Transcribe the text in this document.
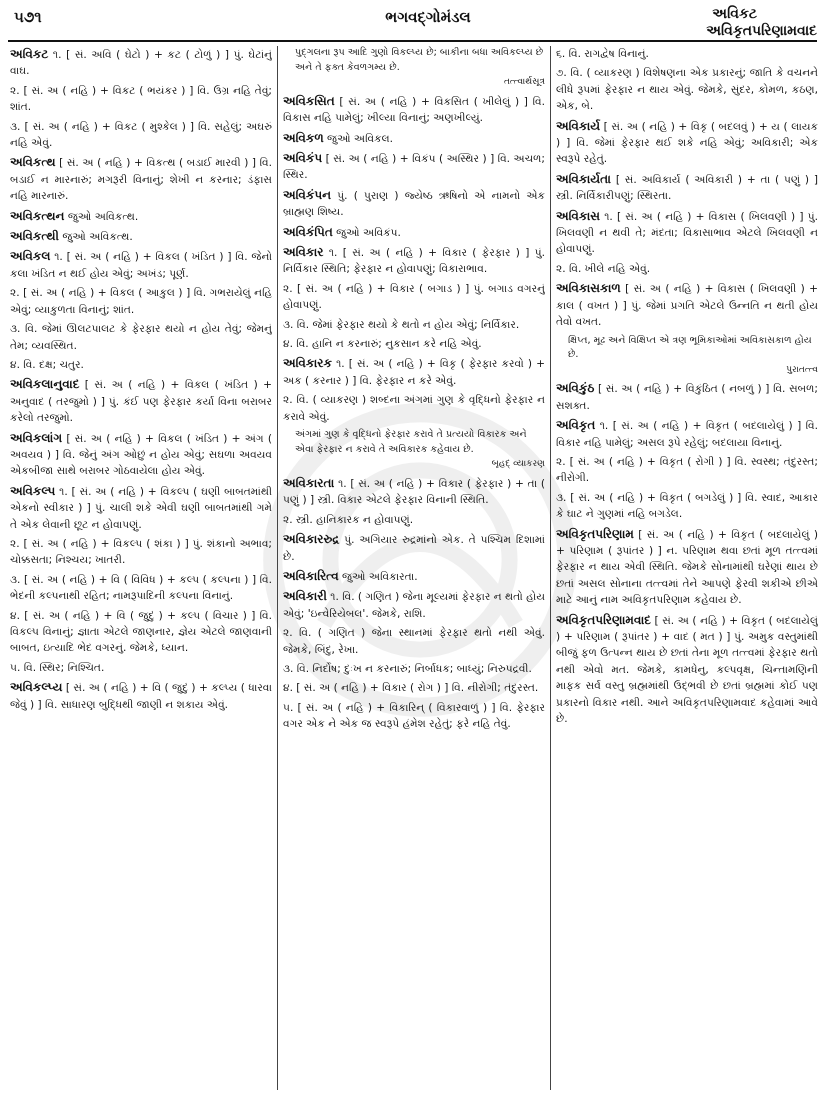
૫૭૧	ભગવદ્‌ગોમંડલ	અવિકટ
અવિકૃતપરિણામવાદ
અવિકટ ૧. [ સં. અવિ ( ઘેટો ) + કટ ( ટોળું ) ] પું. ઘેટાંનું વાઘ.
૨. [ સં. અ ( નહિ ) + વિકટ ( ભયંકર ) ] વિ. ઉગ્ર નહિ તેવું; શાંત.
૩. [ સં. અ ( નહિ ) + વિકટ ( મુશ્કેલ ) ] વિ. સહેલું; અઘરું નહિ એવું.
અવિકત્થ [ સં. અ ( નહિ ) + વિકત્થ ( બડાઈ મારવી ) ] વિ. બડાઈ ન મારનારું; મગરૂરી વિનાનું; શેખી ન કરનાર; ડંફાસ નહિ મારનારું.
અવિકત્થન જુઓ અવિકત્થ.
અવિકત્થી જુઓ અવિકત્થ.
અવિકલ ૧. [ સં. અ ( નહિ ) + વિકલ ( ખંડિત ) ] વિ. જેનો કલા ખંડિત ન થઈ હોય એવું; અખંડ; પૂર્ણ.
૨. [ સં. અ ( નહિ ) + વિકલ ( આકુલ ) ] વિ. ગભરાયેલું નહિ એવું; વ્યાકુળતા વિનાનું; શાંત.
૩. વિ. જેમાં ઊલટપાલટ કે ફેરફાર થયો ન હોય તેવું; જેમનું તેમ; વ્યવસ્થિત.
૪. વિ. દક્ષ; ચતુર.
અવિકલાનુવાદ [ સં. અ ( નહિ ) + વિકલ ( ખંડિત ) + અનુવાદ ( તરજુમો ) ] પું. કંઈ પણ ફેરફાર કર્યા વિના બરાબર કરેલો તરજુમો.
અવિકલાંગ [ સં. અ ( નહિ ) + વિકલ ( ખંડિત ) + અંગ ( અવયવ ) ] વિ. જેનું અંગ ઓછું ન હોય એવું; સઘળા અવયવ એકબીજા સાથે બરાબર ગોઠવાયેલા હોય એવું.
અવિકલ્પ ૧. [ સં. અ ( નહિ ) + વિકલ્પ ( ઘણી બાબતમાંથી એકનો સ્વીકાર ) ] પું. ચાલી શકે એવી ઘણી બાબતમાંથી ગમે તે એક લેવાની છૂટ ન હોવાપણું.
૨. [ સં. અ ( નહિ ) + વિકલ્પ ( શંકા ) ] પું. શંકાનો અભાવ; ચોક્કસતા; નિશ્ચય; ખાતરી.
૩. [ સં. અ ( નહિ ) + વિ ( વિવિધ ) + કલ્પ ( કલ્પના ) ] વિ. ભેદની કલ્પનાથી રહિત; નામરૂપાદિની કલ્પના વિનાનું.
૪. [ સં. અ ( નહિ ) + વિ ( જુદું ) + કલ્પ ( વિચાર ) ] વિ. વિકલ્પ વિનાનું; જ્ઞાતા એટલે જાણનાર, જ્ઞેય એટલે જાણવાની બાબત, ઇત્યાદિ ભેદ વગરનું. જેમકે, ધ્યાન.
૫. વિ. સ્થિર; નિશ્ચિત.
અવિકલ્પ્ય [ સં. અ ( નહિ ) + વિ ( જુદું ) + કલ્પ્ય ( ધારવા જેવું ) ] વિ. સાધારણ બુદ્ધિથી જાણી ન શકાય એવું.
પુદ્‌ગલના રૂપ આદિ ગુણો વિકલ્પ્ય છે; બાકીના બધા અવિકલ્પ્ય છે અને તે ફક્ત કેવળગમ્ય છે.
તત્ત્વાર્થસૂત્ર
અવિકસિત [ સં. અ ( નહિ ) + વિકસિત ( ખીલેલું ) ] વિ. વિકાસ નહિ પામેલું; ખીલ્યા વિનાનું; અણખીલ્યું.
અવિકળ જુઓ અવિકલ.
અવિકંપ [ સં. અ ( નહિ ) + વિકંપ ( અસ્થિર ) ] વિ. અચળ; સ્થિર.
અવિકંપન પું. ( પુરાણ ) જ્યેષ્ઠ ઋષિનો એ નામનો એક બ્રાહ્મણ શિષ્ય.
અવિકંપિત જુઓ અવિકંપ.
અવિકાર ૧. [ સં. અ ( નહિ ) + વિકાર ( ફેરફાર ) ] પું. નિર્વિકાર સ્થિતિ; ફેરફાર ન હોવાપણું; વિકારાભાવ.
૨. [ સં. અ ( નહિ ) + વિકાર ( બગાડ ) ] પું. બગાડ વગરનું હોવાપણું.
૩. વિ. જેમાં ફેરફાર થયો કે થતો ન હોય એવું; નિર્વિકાર.
૪. વિ. હાનિ ન કરનારું; નુકસાન કરે નહિ એવું.
અવિકારક ૧. [ સં. અ ( નહિ ) + વિકૃ ( ફેરફાર કરવો ) + અક ( કરનાર ) ] વિ. ફેરફાર ન કરે એવું.
૨. વિ. ( વ્યાકરણ ) શબ્દના અંગમાં ગુણ કે વૃદ્ધિનો ફેરફાર ન કરાવે એવું.
અંગમાં ગુણ કે વૃદ્ધિનો ફેરફાર કરાવે તે પ્રત્યયો વિકારક અને એવા ફેરફાર ન કરાવે તે અવિકારક કહેવાય છે.
બૃહદ્ વ્યાકરણ
અવિકારતા ૧. [ સં. અ ( નહિ ) + વિકાર ( ફેરફાર ) + તા ( પણું ) ] સ્ત્રી. વિકાર એટલે ફેરફાર વિનાની સ્થિતિ.
૨. સ્ત્રી. હાનિકારક ન હોવાપણું.
અવિકારરુદ્ર પું. અગિયાર રુદ્રમાંનો એક. તે પશ્ચિમ દિશામાં છે.
અવિકારિત્વ જુઓ અવિકારતા.
અવિકારી ૧. વિ. ( ગણિત ) જેના મૂલ્યમાં ફેરફાર ન થતો હોય એવું; 'ઇન્વેરિયેબલ'. જેમકે, રાશિ.
૨. વિ. ( ગણિત ) જેના સ્થાનમાં ફેરફાર થતો નથી એવું. જેમકે, બિંદુ, રેખા.
૩. વિ. નિર્દોષ; દુઃખ ન કરનારું; નિર્બાધક; બાધ્યું; નિરુપદ્રવી.
૪. [ સં. અ ( નહિ ) + વિકાર ( રોગ ) ] વિ. નીરોગી; તંદુરસ્ત.
૫. [ સં. અ ( નહિ ) + વિકારિન્ ( વિકારવાળું ) ] વિ. ફેરફાર વગર એક ને એક જ સ્વરૂપે હંમેશ રહેતું; ફરે નહિ તેવું.
૬. વિ. રાગદ્વેષ વિનાનું.
૭. વિ. ( વ્યાકરણ ) વિશેષણના એક પ્રકારનું; જાતિ કે વચનને લીધે રૂપમાં ફેરફાર ન થાય એવું. જેમકે, સુંદર, કોમળ, કઠણ, એક, બે.
અવિકાર્ય [ સં. અ ( નહિ ) + વિકૃ ( બદલવું ) + ય ( લાયક ) ] વિ. જેમાં ફેરફાર થઈ શકે નહિ એવું; અવિકારી; એક સ્વરૂપે રહેતું.
અવિકાર્યતા [ સં. અવિકાર્ય ( અવિકારી ) + તા ( પણું ) ] સ્ત્રી. નિર્વિકારીપણું; સ્થિરતા.
અવિકાસ ૧. [ સં. અ ( નહિ ) + વિકાસ ( ખિલવણી ) ] પું. ખિલવણી ન થવી તે; મંદતા; વિકાસાભાવ એટલે ખિલવણી ન હોવાપણું.
૨. વિ. ખીલે નહિ એવું.
અવિકાસકાળ [ સં. અ ( નહિ ) + વિકાસ ( ખિલવણી ) + કાલ ( વખત ) ] પું. જેમાં પ્રગતિ એટલે ઉન્નતિ ન થતી હોય તેવો વખત.
ક્ષિપ્ત, મૂઢ અને વિક્ષિપ્ત એ ત્રણ ભૂમિકાઓમાં અવિકાસકાળ હોય છે.
પુરાતત્ત્વ
અવિકુંઠ [ સં. અ ( નહિ ) + વિકુંઠિત ( નબળું ) ] વિ. સબળ; સશક્ત.
અવિકૃત ૧. [ સં. અ ( નહિ ) + વિકૃત ( બદલાયેલું ) ] વિ. વિકાર નહિ પામેલું; અસલ રૂપે રહેલું; બદલાયા વિનાનું.
૨. [ સં. અ ( નહિ ) + વિકૃત ( રોગી ) ] વિ. સ્વસ્થ; તંદુરસ્ત; નીરોગી.
૩. [ સં. અ ( નહિ ) + વિકૃત ( બગડેલું ) ] વિ. સ્વાદ, આકાર કે ઘાટ ને ગુણમાં નહિ બગડેલ.
અવિકૃતપરિણામ [ સં. અ ( નહિ ) + વિકૃત ( બદલાયેલું ) + પરિણામ ( રૂપાંતર ) ] ન. પરિણામ થવા છતાં મૂળ તત્ત્વમાં ફેરફાર ન થાય એવી સ્થિતિ. જેમકે સોનામાંથી ઘરેણાં થાય છે છતાં અસલ સોનાના તત્ત્વમાં તેને આપણે ફેરવી શકીએ છીએ માટે આનું નામ અવિકૃતપરિણામ કહેવાય છે.
અવિકૃતપરિણામવાદ [ સં. અ ( નહિ ) + વિકૃત ( બદલાયેલું ) + પરિણામ ( રૂપાંતર ) + વાદ ( મત ) ] પું. અમુક વસ્તુમાંથી બીજું ફળ ઉત્પન્ન થાય છે છતાં તેના મૂળ તત્ત્વમાં ફેરફાર થતો નથી એવો મત. જેમકે, કામધેનુ, કલ્પવૃક્ષ, ચિન્તામણિની માફક સર્વ વસ્તુ બ્રહ્મમાંથી ઉદ્‌ભવી છે છતાં બ્રહ્મમાં કોઈ પણ પ્રકારનો વિકાર નથી. આને અવિકૃતપરિણામવાદ કહેવામાં આવે છે.
